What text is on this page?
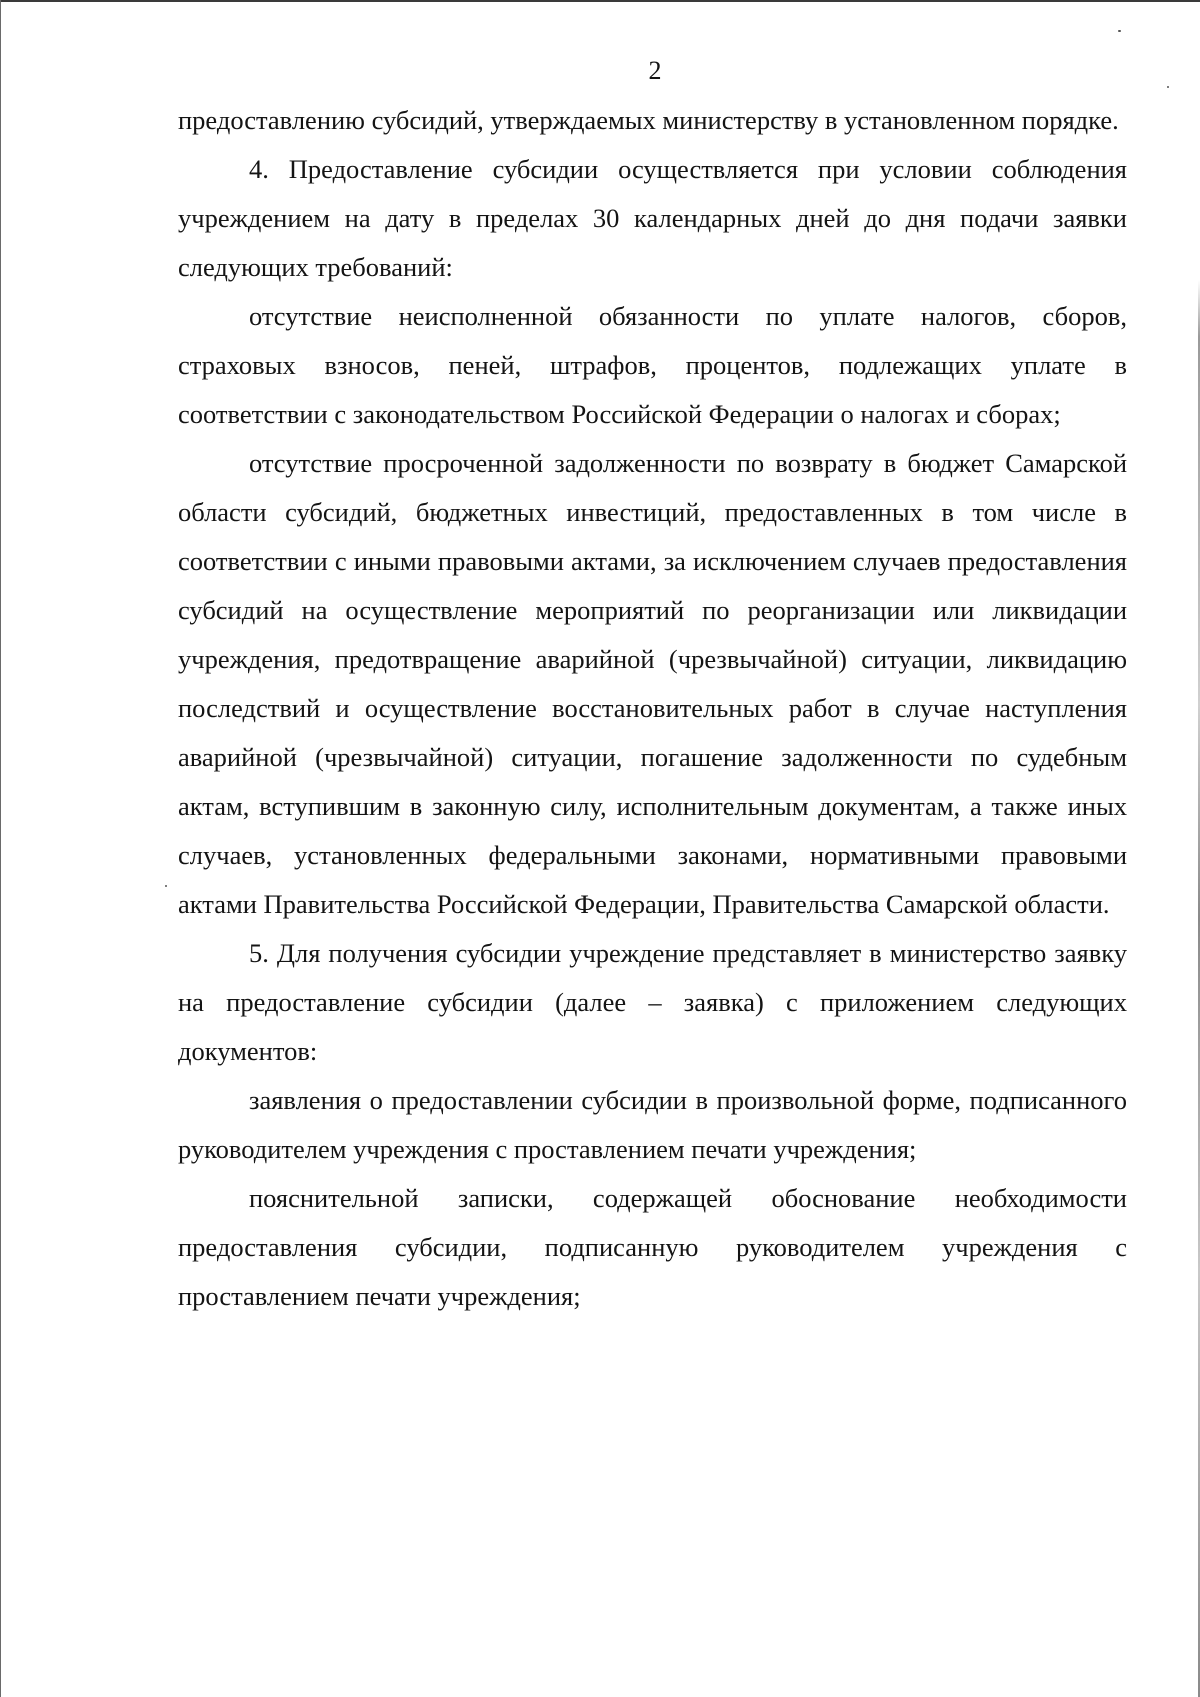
2

предоставлению субсидий, утверждаемых министерству в установленном порядке.

4. Предоставление субсидии осуществляется при условии соблюдения учреждением на дату в пределах 30 календарных дней до дня подачи заявки следующих требований:

отсутствие неисполненной обязанности по уплате налогов, сборов, страховых взносов, пеней, штрафов, процентов, подлежащих уплате в соответствии с законодательством Российской Федерации о налогах и сборах;

отсутствие просроченной задолженности по возврату в бюджет Самарской области субсидий, бюджетных инвестиций, предоставленных в том числе в соответствии с иными правовыми актами, за исключением случаев предоставления субсидий на осуществление мероприятий по реорганизации или ликвидации учреждения, предотвращение аварийной (чрезвычайной) ситуации, ликвидацию последствий и осуществление восстановительных работ в случае наступления аварийной (чрезвычайной) ситуации, погашение задолженности по судебным актам, вступившим в законную силу, исполнительным документам, а также иных случаев, установленных федеральными законами, нормативными правовыми актами Правительства Российской Федерации, Правительства Самарской области.

5. Для получения субсидии учреждение представляет в министерство заявку на предоставление субсидии (далее – заявка) с приложением следующих документов:

заявления о предоставлении субсидии в произвольной форме, подписанного руководителем учреждения с проставлением печати учреждения;

пояснительной записки, содержащей обоснование необходимости предоставления субсидии, подписанную руководителем учреждения с проставлением печати учреждения;
